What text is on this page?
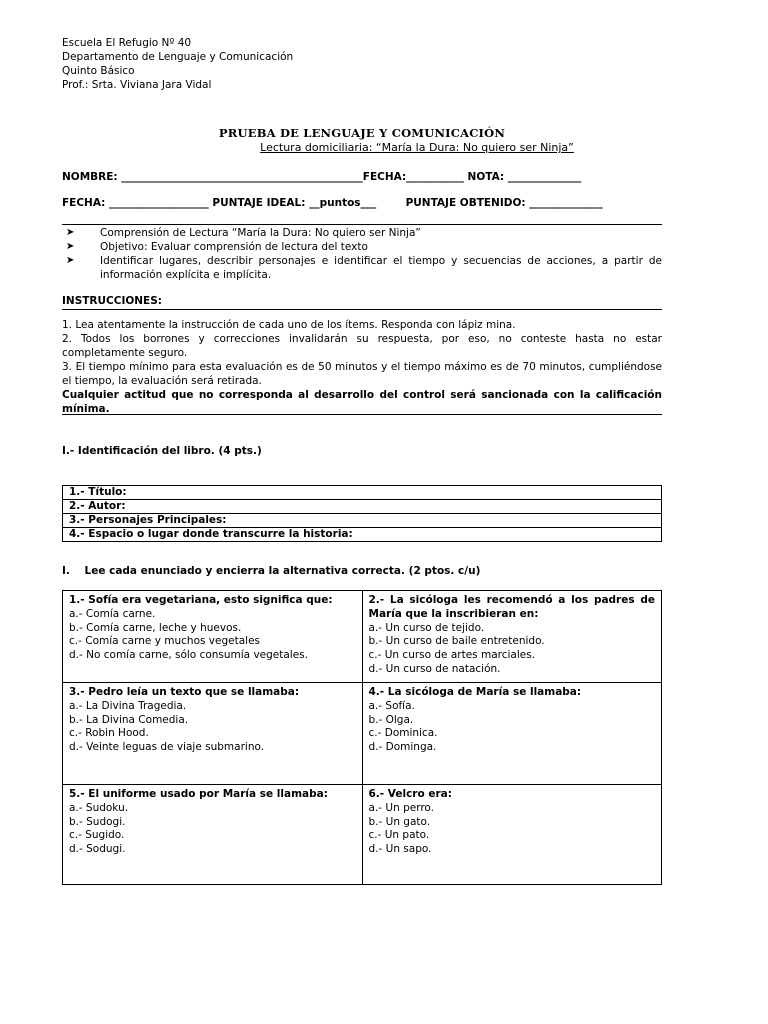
Escuela El Refugio Nº 40
Departamento de Lenguaje y Comunicación
Quinto Básico
Prof.: Srta. Viviana Jara Vidal
PRUEBA DE LENGUAJE Y COMUNICACIÓN
Lectura domiciliaria: “María la Dura: No quiero ser Ninja”
NOMBRE: ______________________________________________FECHA:___________ NOTA: ______________
FECHA: ___________________ PUNTAJE IDEAL: __puntos___	PUNTAJE OBTENIDO: ______________
➤ Comprensión de Lectura “María la Dura: No quiero ser Ninja”
➤ Objetivo: Evaluar comprensión de lectura del texto
➤ Identificar lugares, describir personajes e identificar el tiempo y secuencias de acciones, a partir de información explícita e implícita.
INSTRUCCIONES:

1. Lea atentamente la instrucción de cada uno de los ítems. Responda con lápiz mina.

2. Todos los borrones y correcciones invalidarán su respuesta, por eso, no conteste hasta no estar completamente seguro.

3. El tiempo mínimo para esta evaluación es de 50 minutos y el tiempo máximo es de 70 minutos, cumpliéndose el tiempo, la evaluación será retirada.

Cualquier actitud que no corresponda al desarrollo del control será sancionada con la calificación mínima.

I.- Identificación del libro. (4 pts.)
1.- Título:
2.- Autor:
3.- Personajes Principales:
4.- Espacio o lugar donde transcurre la historia:
I.    Lee cada enunciado y encierra la alternativa correcta. (2 ptos. c/u)
1.- Sofía era vegetariana, esto significa que:
a.- Comía carne.
b.- Comía carne, leche y huevos.
c.- Comía carne y muchos vegetales
d.- No comía carne, sólo consumía vegetales.	2.- La sicóloga les recomendó a los padres de María que la inscribieran en:
a.- Un curso de tejido.
b.- Un curso de baile entretenido.
c.- Un curso de artes marciales.
d.- Un curso de natación.

3.- Pedro leía un texto que se llamaba:
a.- La Divina Tragedia.
b.- La Divina Comedia.
c.- Robin Hood.
d.- Veinte leguas de viaje submarino.	4.- La sicóloga de María se llamaba:
a.- Sofía.
b.- Olga.
c.- Dominica.
d.- Dominga.

5.- El uniforme usado por María se llamaba:
a.- Sudoku.
b.- Sudogi.
c.- Sugido.
d.- Sodugi.	6.- Velcro era:
a.- Un perro.
b.- Un gato.
c.- Un pato.
d.- Un sapo.
